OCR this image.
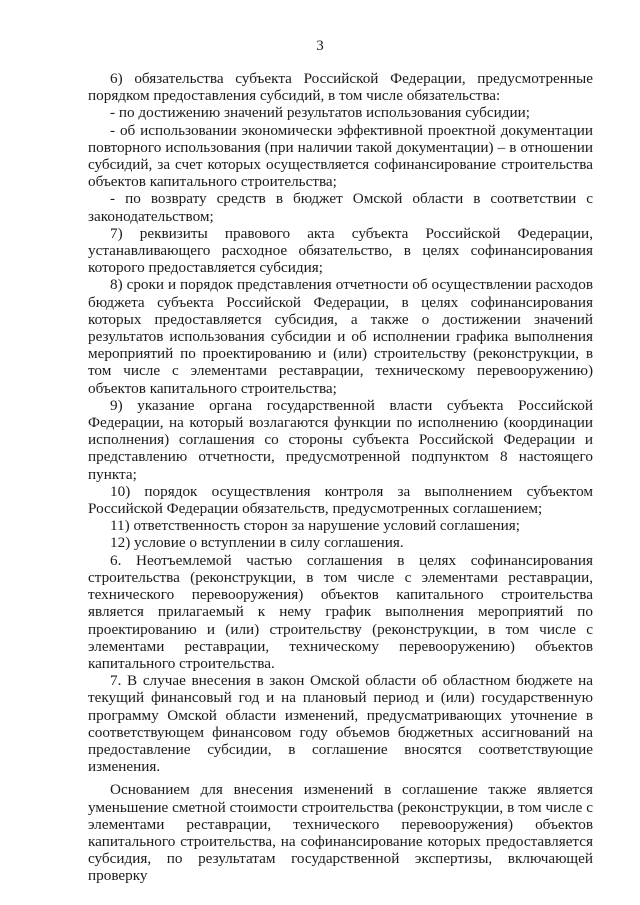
3

6) обязательства субъекта Российской Федерации, предусмотренные порядком предоставления субсидий, в том числе обязательства:

- по достижению значений результатов использования субсидии;

- об использовании экономически эффективной проектной документации повторного использования (при наличии такой документации) – в отношении субсидий, за счет которых осуществляется софинансирование строительства объектов капитального строительства;

- по возврату средств в бюджет Омской области в соответствии с законодательством;

7) реквизиты правового акта субъекта Российской Федерации, устанавливающего расходное обязательство, в целях софинансирования которого предоставляется субсидия;

8) сроки и порядок представления отчетности об осуществлении расходов бюджета субъекта Российской Федерации, в целях софинансирования которых предоставляется субсидия, а также о достижении значений результатов использования субсидии и об исполнении графика выполнения мероприятий по проектированию и (или) строительству (реконструкции, в том числе с элементами реставрации, техническому перевооружению) объектов капитального строительства;

9) указание органа государственной власти субъекта Российской Федерации, на который возлагаются функции по исполнению (координации исполнения) соглашения со стороны субъекта Российской Федерации и представлению отчетности, предусмотренной подпунктом 8 настоящего пункта;

10) порядок осуществления контроля за выполнением субъектом Российской Федерации обязательств, предусмотренных соглашением;

11) ответственность сторон за нарушение условий соглашения;

12) условие о вступлении в силу соглашения.

6. Неотъемлемой частью соглашения в целях софинансирования строительства (реконструкции, в том числе с элементами реставрации, технического перевооружения) объектов капитального строительства является прилагаемый к нему график выполнения мероприятий по проектированию и (или) строительству (реконструкции, в том числе с элементами реставрации, техническому перевооружению) объектов капитального строительства.

7. В случае внесения в закон Омской области об областном бюджете на текущий финансовый год и на плановый период и (или) государственную программу Омской области изменений, предусматривающих уточнение в соответствующем финансовом году объемов бюджетных ассигнований на предоставление субсидии, в соглашение вносятся соответствующие изменения.

Основанием для внесения изменений в соглашение также является уменьшение сметной стоимости строительства (реконструкции, в том числе с элементами реставрации, технического перевооружения) объектов капитального строительства, на софинансирование которых предоставляется субсидия, по результатам государственной экспертизы, включающей проверку
